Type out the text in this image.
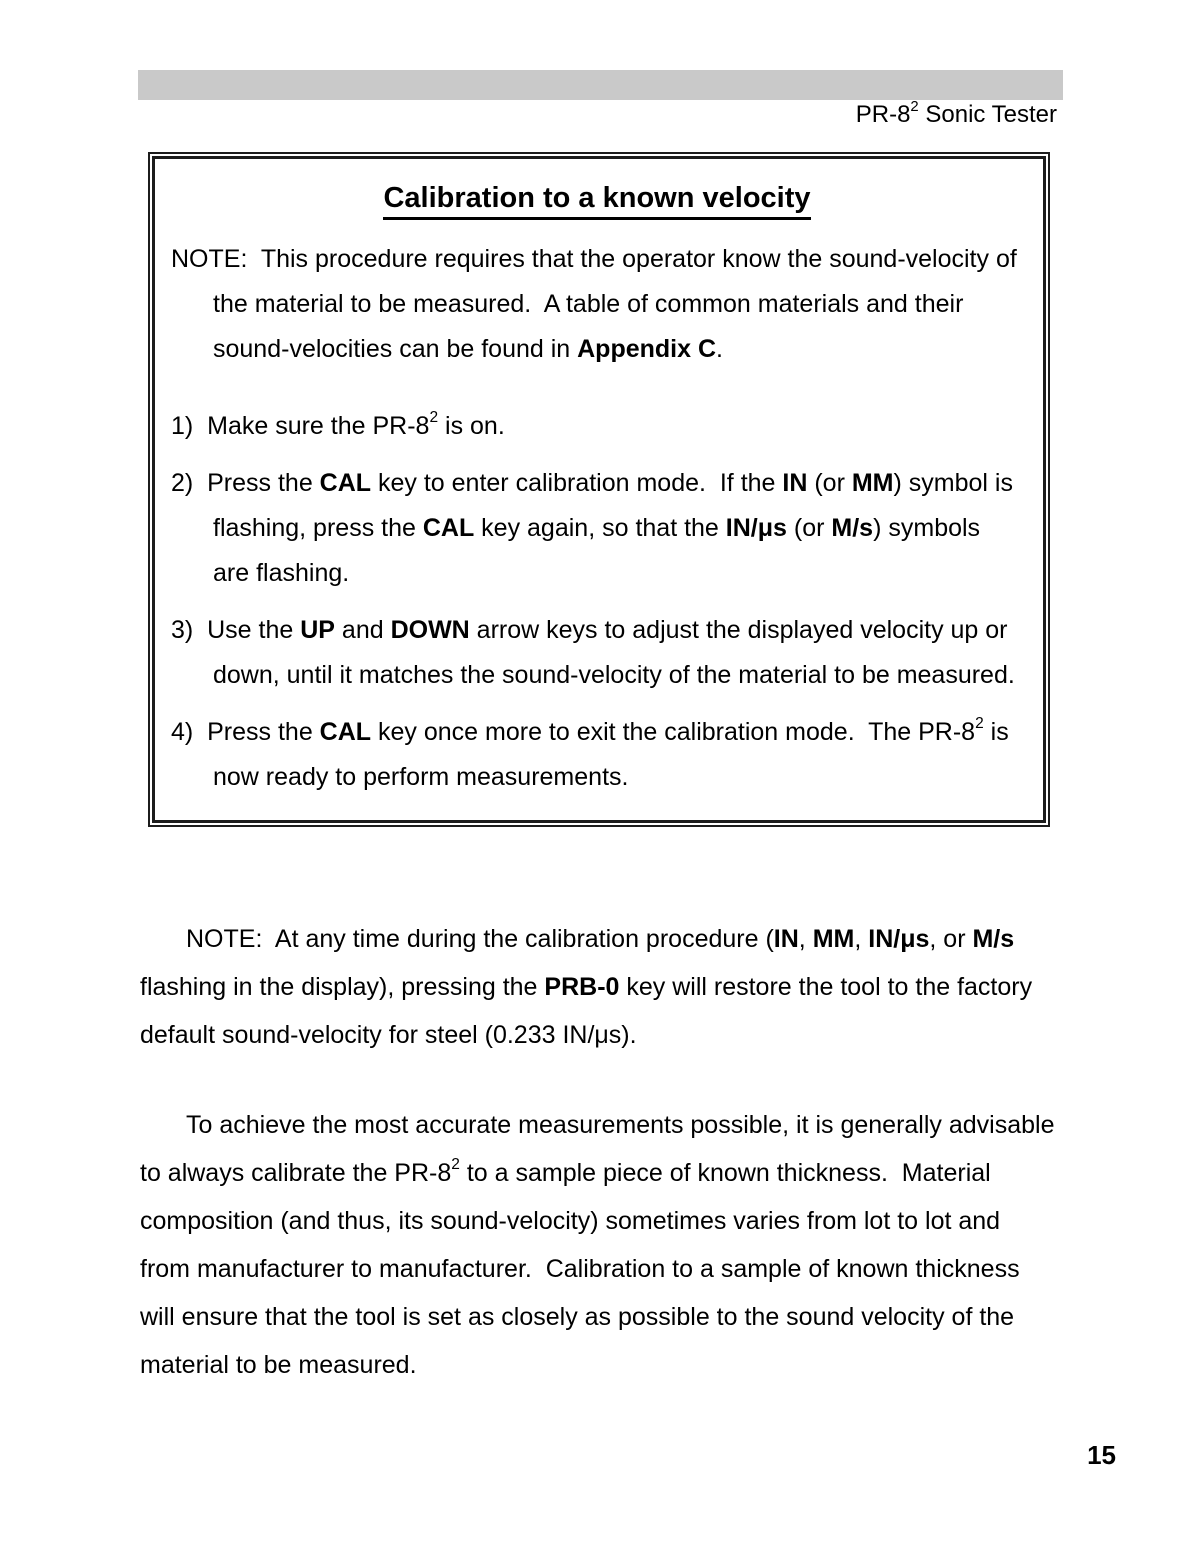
$PR-8^2$ Sonic Tester

Calibration to a known velocity

NOTE:  This procedure requires that the operator know the sound-velocity of the material to be measured.  A table of common materials and their sound-velocities can be found in Appendix C.

1)  Make sure the $PR-8^2$ is on.

2)  Press the CAL key to enter calibration mode.  If the IN (or MM) symbol is flashing, press the CAL key again, so that the IN/μs (or M/s) symbols are flashing.

3)  Use the UP and DOWN arrow keys to adjust the displayed velocity up or down, until it matches the sound-velocity of the material to be measured.

4)  Press the CAL key once more to exit the calibration mode.  The $PR-8^2$ is now ready to perform measurements.

NOTE:  At any time during the calibration procedure (IN, MM, IN/μs, or M/s flashing in the display), pressing the PRB-0 key will restore the tool to the factory default sound-velocity for steel (0.233 IN/μs).

To achieve the most accurate measurements possible, it is generally advisable to always calibrate the $PR-8^2$ to a sample piece of known thickness.  Material composition (and thus, its sound-velocity) sometimes varies from lot to lot and from manufacturer to manufacturer.  Calibration to a sample of known thickness will ensure that the tool is set as closely as possible to the sound velocity of the material to be measured.

15
